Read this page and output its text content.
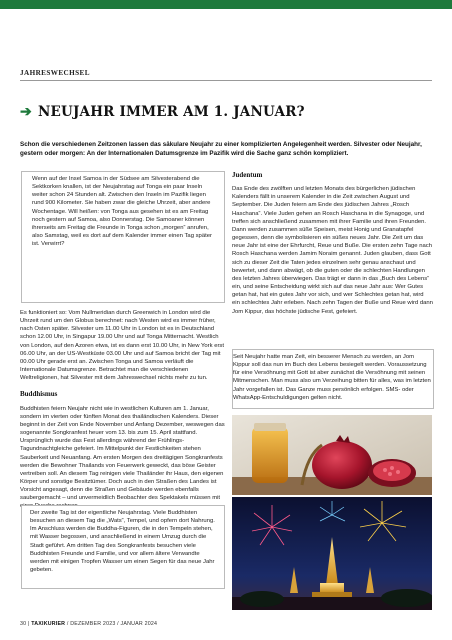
JAHRESWECHSEL
➔ NEUJAHR IMMER AM 1. JANUAR?
Schon die verschiedenen Zeitzonen lassen das säkulare Neujahr zu einer komplizierten Angelegenheit werden. Silvester oder Neujahr, gestern oder morgen: An der Internationalen Datumsgrenze im Pazifik wird die Sache ganz schön kompliziert.
Wenn auf der Insel Samoa in der Südsee am Silvesterabend die Sektkorken knallen, ist der Neujahrstag auf Tonga ein paar Inseln weiter schon 24 Stunden alt. Zwischen den Inseln im Pazifik liegen rund 900 Kilometer. Sie haben zwar die gleiche Uhrzeit, aber andere Wochentage. Will heißen: von Tonga aus gesehen ist es am Freitag noch gestern auf Samoa, also Donnerstag. Die Samoaner können ihrerseits am Freitag die Freunde in Tonga schon „morgen“ anrufen, also Samstag, weil es dort auf dem Kalender immer einen Tag später ist. Verwirrt?

Es funktioniert so: Vom Nullmeridian durch Greenwich in London wird die Uhrzeit rund um den Globus berechnet: nach Westen wird es immer früher, nach Osten später. Silvester um 11.00 Uhr in London ist es in Deutschland schon 12.00 Uhr, in Singapur 19.00 Uhr und auf Tonga Mitternacht. Westlich von London, auf den Azoren etwa, ist es dann erst 10.00 Uhr, in New York erst 06.00 Uhr, an der US-Westküste 03.00 Uhr und auf Samoa bricht der Tag mit 00.00 Uhr gerade erst an. Zwischen Tonga und Samoa verläuft die Internationale Datumsgrenze. Betrachtet man die verschiedenen Weltreligionen, hat Silvester mit dem Jahreswechsel nichts mehr zu tun.

Buddhismus

Buddhisten feiern Neujahr nicht wie in westlichen Kulturen am 1. Januar, sondern im vierten oder fünften Monat des thailändischen Kalenders. Dieser beginnt in der Zeit von Ende November und Anfang Dezember, weswegen das sogenannte Songkranfest heuer vom 13. bis zum 15. April stattfand. Ursprünglich wurde das Fest allerdings während der Frühlings-Tagundnachtgleiche gefeiert. Im Mittelpunkt der Festlichkeiten stehen Sauberkeit und Neuanfang. Am ersten Morgen des dreitägigen Songkranfests werden die Bewohner Thailands von Feuerwerk geweckt, das böse Geister vertreiben soll. An diesem Tag reinigen viele Thailänder ihr Haus, den eigenen Körper und sonstige Besitztümer. Doch auch in den Straßen des Landes ist Vorsicht angesagt, denn die Straßen und Gebäude werden ebenfalls saubergemacht – und unvermeidlich Beobachter des Spektakels müssen mit

Der zweite Tag ist der eigentliche Neujahrstag. Viele Buddhisten besuchen an diesem Tag die „Wats“, Tempel, und opfern dort Nahrung. Im Anschluss werden die Buddha-Figuren, die in den Tempeln stehen, mit Wasser begossen, und anschließend in einem Umzug durch die Stadt geführt. Am dritten Tag des Songkranfests besuchen viele Buddhisten Freunde und Familie, und vor allem ältere Verwandte werden mit einigen Tropfen Wasser um einen Segen für das neue Jahr gebeten.
Judentum

Das Ende des zwölften und letzten Monats des bürgerlichen jüdischen Kalenders fällt in unserem Kalender in die Zeit zwischen August und September. Die Juden feiern am Ende des jüdischen Jahres „Rosch Haschana“. Viele Juden gehen an Rosch Haschana in die Synagoge, und treffen sich anschließend zusammen mit ihrer Familie und ihren Freunden. Dann werden zusammen süße Speisen, meist Honig und Granatapfel gegessen, denn die symbolisieren ein süßes neues Jahr. Die Zeit um das neue Jahr ist eine der Ehrfurcht, Reue und Buße. Die ersten zehn Tage nach Rosch Haschana werden Jamim Noraim genannt. Juden glauben, dass Gott sich zu dieser Zeit die Taten jedes einzelnen sehr genau anschaut und bewertet, und dann abwägt, ob die guten oder die schlechten Handlungen des letzten Jahres überwiegen. Das trägt er dann in das „Buch des Lebens“ ein, und seine Entscheidung wirkt sich auf das neue Jahr aus: Wer Gutes getan hat, hat ein gutes Jahr vor sich, und wer Schlechtes getan hat, wird ein schlechtes Jahr erleben. Nach zehn Tagen der Buße und Reue wird dann Jom Kippur, das höchste jüdische Fest, gefeiert.

Seit Neujahr hatte man Zeit, ein besserer Mensch zu werden, an Jom Kippur soll das nun im Buch des Lebens besiegelt werden. Voraussetzung für eine Versöhnung mit Gott ist aber zunächst die Versöhnung mit seinen Mitmenschen. Man muss also um Verzeihung bitten für alles, was im letzten Jahr vorgefallen ist. Das Ganze muss persönlich erfolgen. SMS- oder WhatsApp-Entschuldigungen gelten nicht.
30 | TAXIKURIER / DEZEMBER 2023 / JANUAR 2024
